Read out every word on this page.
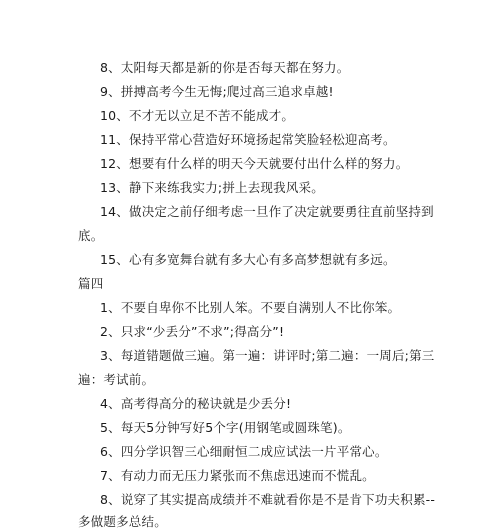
8、太阳每天都是新的你是否每天都在努力。
9、拼搏高考今生无悔;爬过高三追求卓越!
10、不才无以立足不苦不能成才。
11、保持平常心营造好环境扬起常笑脸轻松迎高考。
12、想要有什么样的明天今天就要付出什么样的努力。
13、静下来练我实力;拼上去现我风采。
14、做决定之前仔细考虑一旦作了决定就要勇往直前坚持到
底。
15、心有多宽舞台就有多大心有多高梦想就有多远。
篇四
1、不要自卑你不比别人笨。不要自满别人不比你笨。
2、只求“少丢分”不求”;得高分”!
3、每道错题做三遍。第一遍：讲评时;第二遍：一周后;第三
遍：考试前。
4、高考得高分的秘诀就是少丢分!
5、每天5分钟写好5个字(用钢笔或圆珠笔)。
6、四分学识智三心细耐恒二成应试法一片平常心。
7、有动力而无压力紧张而不焦虑迅速而不慌乱。
8、说穿了其实提高成绩并不难就看你是不是肯下功夫积累--
多做题多总结。
